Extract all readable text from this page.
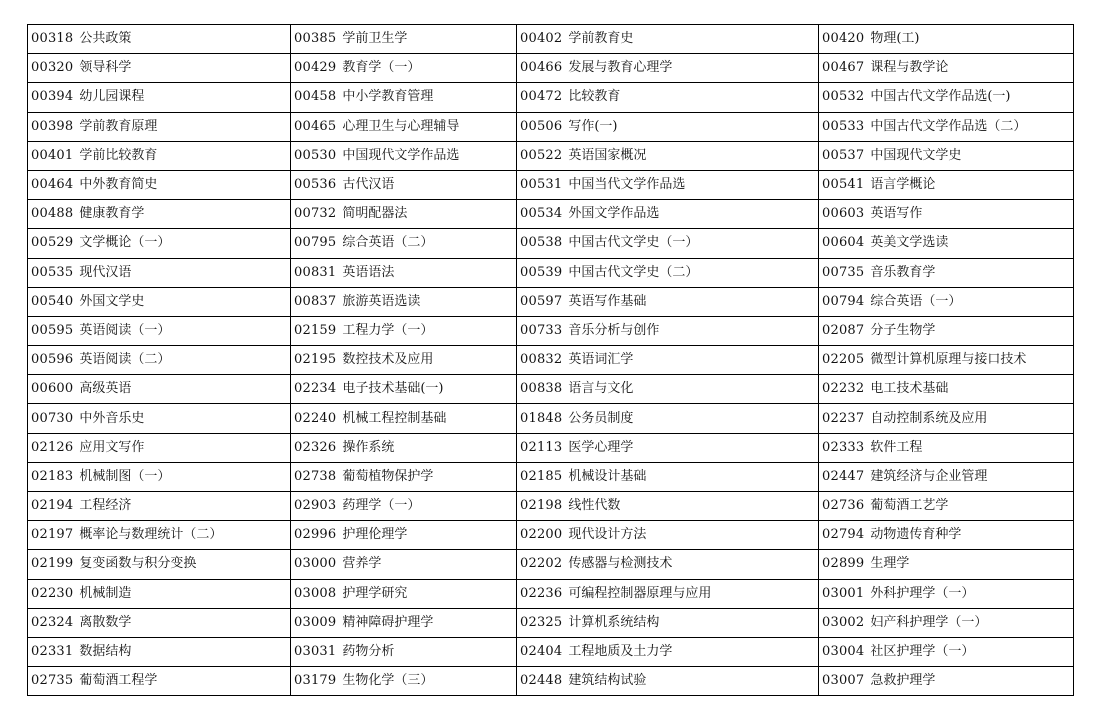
00318 公共政策	00385 学前卫生学	00402 学前教育史	00420 物理(工)
00320 领导科学	00429 教育学（一）	00466 发展与教育心理学	00467 课程与教学论
00394 幼儿园课程	00458 中小学教育管理	00472 比较教育	00532 中国古代文学作品选(一)
00398 学前教育原理	00465 心理卫生与心理辅导	00506 写作(一)	00533 中国古代文学作品选（二）
00401 学前比较教育	00530 中国现代文学作品选	00522 英语国家概况	00537 中国现代文学史
00464 中外教育简史	00536 古代汉语	00531 中国当代文学作品选	00541 语言学概论
00488 健康教育学	00732 简明配器法	00534 外国文学作品选	00603 英语写作
00529 文学概论（一）	00795 综合英语（二）	00538 中国古代文学史（一）	00604 英美文学选读
00535 现代汉语	00831 英语语法	00539 中国古代文学史（二）	00735 音乐教育学
00540 外国文学史	00837 旅游英语选读	00597 英语写作基础	00794 综合英语（一）
00595 英语阅读（一）	02159 工程力学（一）	00733 音乐分析与创作	02087 分子生物学
00596 英语阅读（二）	02195 数控技术及应用	00832 英语词汇学	02205 微型计算机原理与接口技术
00600 高级英语	02234 电子技术基础(一)	00838 语言与文化	02232 电工技术基础
00730 中外音乐史	02240 机械工程控制基础	01848 公务员制度	02237 自动控制系统及应用
02126 应用文写作	02326 操作系统	02113 医学心理学	02333 软件工程
02183 机械制图（一）	02738 葡萄植物保护学	02185 机械设计基础	02447 建筑经济与企业管理
02194 工程经济	02903 药理学（一）	02198 线性代数	02736 葡萄酒工艺学
02197 概率论与数理统计（二）	02996 护理伦理学	02200 现代设计方法	02794 动物遗传育种学
02199 复变函数与积分变换	03000 营养学	02202 传感器与检测技术	02899 生理学
02230 机械制造	03008 护理学研究	02236 可编程控制器原理与应用	03001 外科护理学（一）
02324 离散数学	03009 精神障碍护理学	02325 计算机系统结构	03002 妇产科护理学（一）
02331 数据结构	03031 药物分析	02404 工程地质及土力学	03004 社区护理学（一）
02735 葡萄酒工程学	03179 生物化学（三）	02448 建筑结构试验	03007 急救护理学
